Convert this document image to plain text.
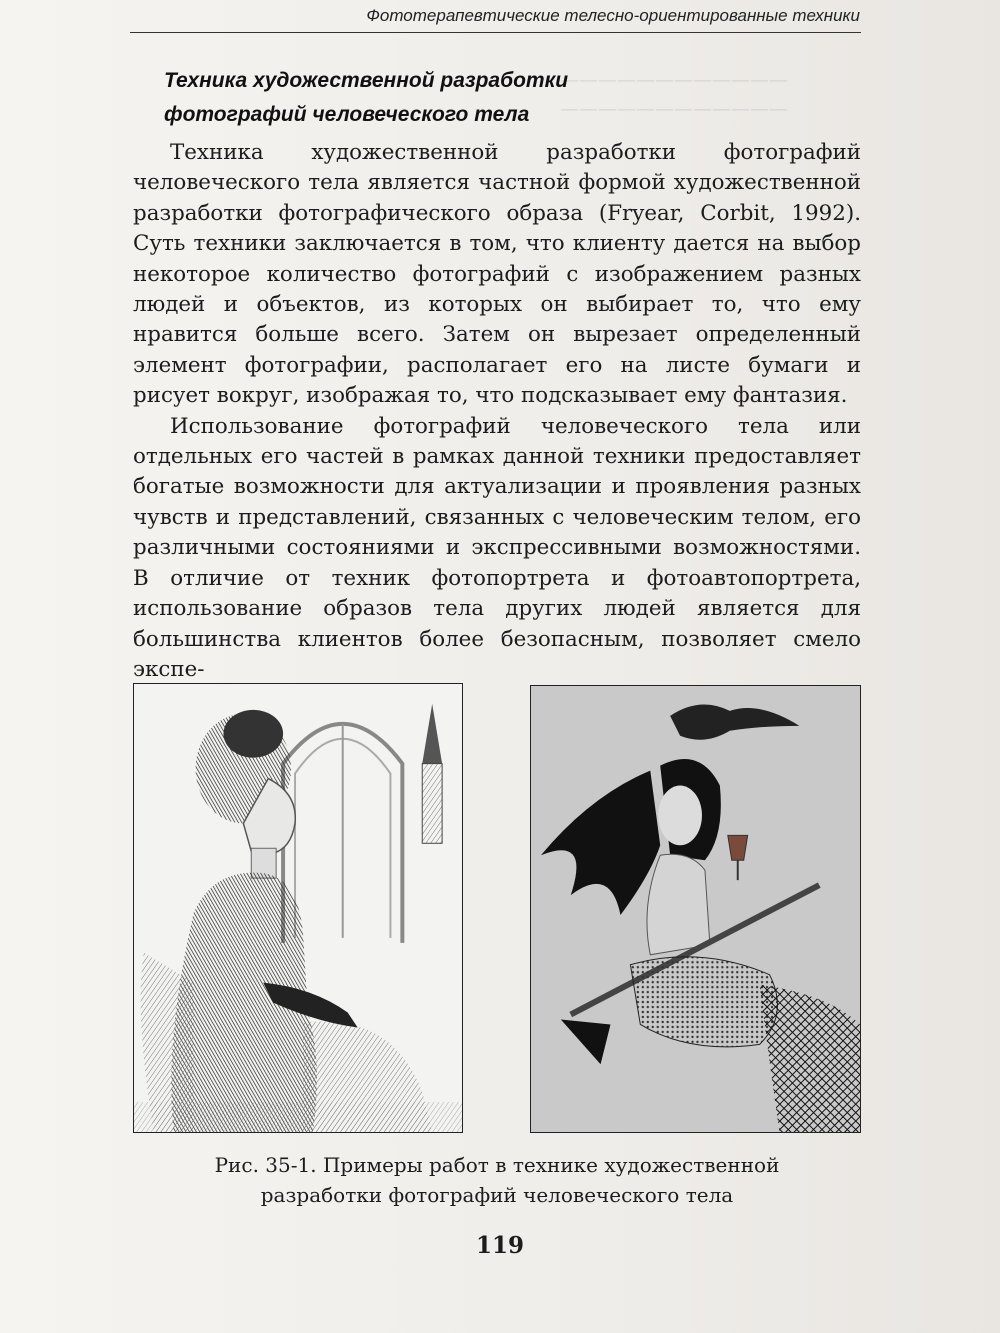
————————————
————————————
Фототерапевтические телесно-ориентированные техники
Техника художественной разработки
фотографий человеческого тела

Техника художественной разработки фотографий человеческого тела является частной формой художественной разработки фотографического образа (Fryear, Corbit, 1992). Суть техники заключается в том, что клиенту дается на выбор некоторое количество фотографий с изображением разных людей и объектов, из которых он выбирает то, что ему нравится больше всего. Затем он вырезает определенный элемент фотографии, располагает его на листе бумаги и рисует вокруг, изображая то, что подсказывает ему фантазия.

Использование фотографий человеческого тела или отдельных его частей в рамках данной техники предоставляет богатые возможности для актуализации и проявления разных чувств и представлений, связанных с человеческим телом, его различными состояниями и экспрессивными возможностями. В отличие от техник фотопортрета и фотоавтопортрета, использование образов тела других людей является для большинства клиентов более безопасным, позволяет смело экспе-

Рис. 35-1. Примеры работ в технике художественной
разработки фотографий человеческого тела
119
